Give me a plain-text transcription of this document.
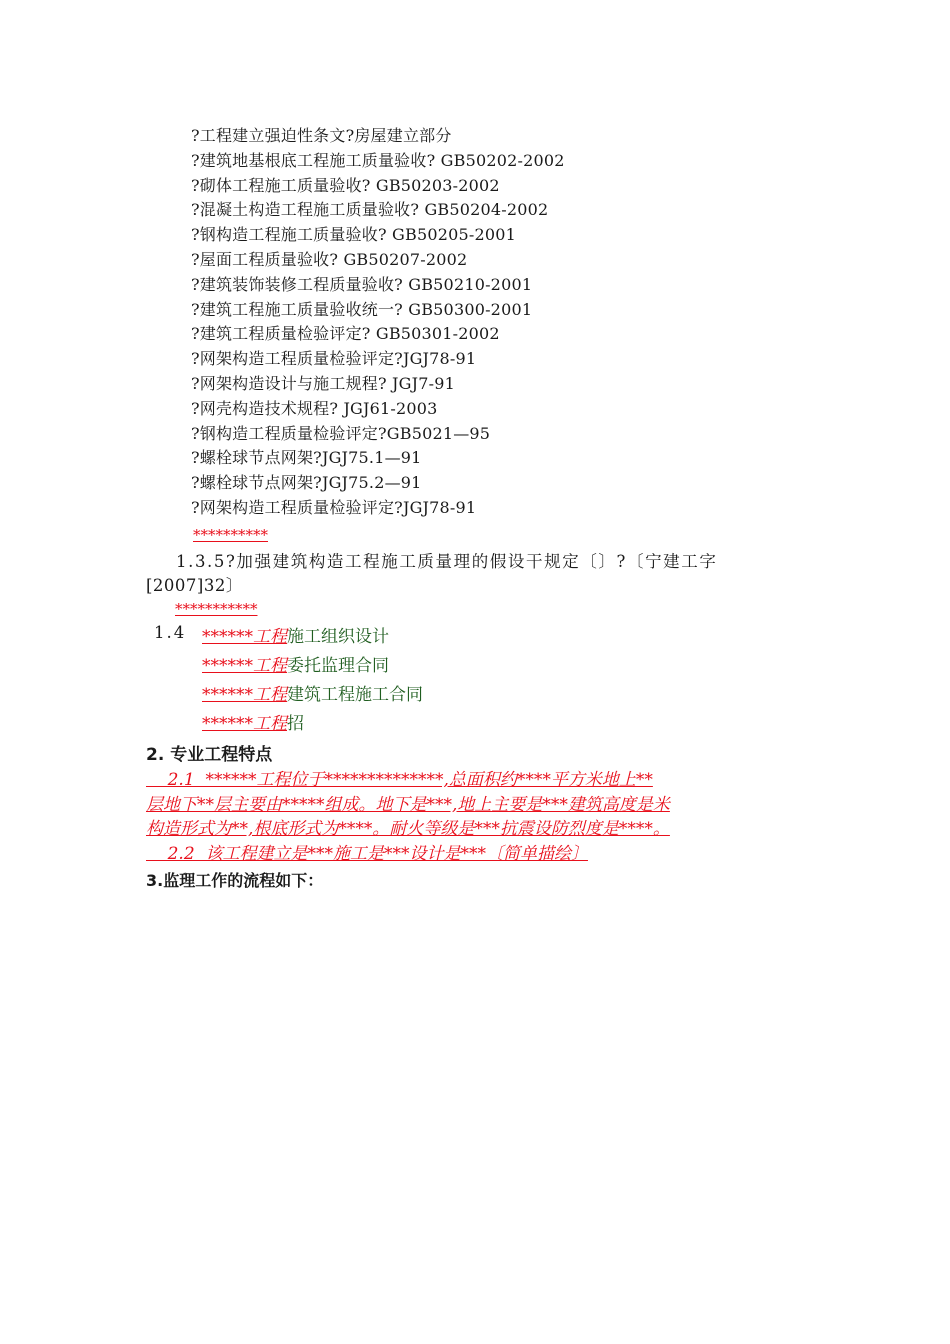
?工程建立强迫性条文?房屋建立部分
?建筑地基根底工程施工质量验收? GB50202-2002
?砌体工程施工质量验收? GB50203-2002
?混凝土构造工程施工质量验收? GB50204-2002
?钢构造工程施工质量验收? GB50205-2001
?屋面工程质量验收? GB50207-2002
?建筑装饰装修工程质量验收? GB50210-2001
?建筑工程施工质量验收统一? GB50300-2001
?建筑工程质量检验评定? GB50301-2002
?网架构造工程质量检验评定?JGJ78-91
?网架构造设计与施工规程? JGJ7-91
?网壳构造技术规程? JGJ61-2003
?钢构造工程质量检验评定?GB5021—95
?螺栓球节点网架?JGJ75.1—91
?螺栓球节点网架?JGJ75.2—91
?网架构造工程质量检验评定?JGJ78-91
**********
1.3.5?加强建筑构造工程施工质量理的假设干规定〔〕?〔宁建工字
[2007]32〕
***********
1.4 ******工程施工组织设计
******工程委托监理合同
******工程建筑工程施工合同
******工程招
2. 专业工程特点
2.1  ******工程位于**************,总面积约****平方米地上**
层地下**层主要由*****组成。地下是***,地上主要是***建筑高度是米
构造形式为**,根底形式为****。耐火等级是***抗震设防烈度是****。
2.2  该工程建立是***施工是***设计是***〔简单描绘〕
3.监理工作的流程如下：
